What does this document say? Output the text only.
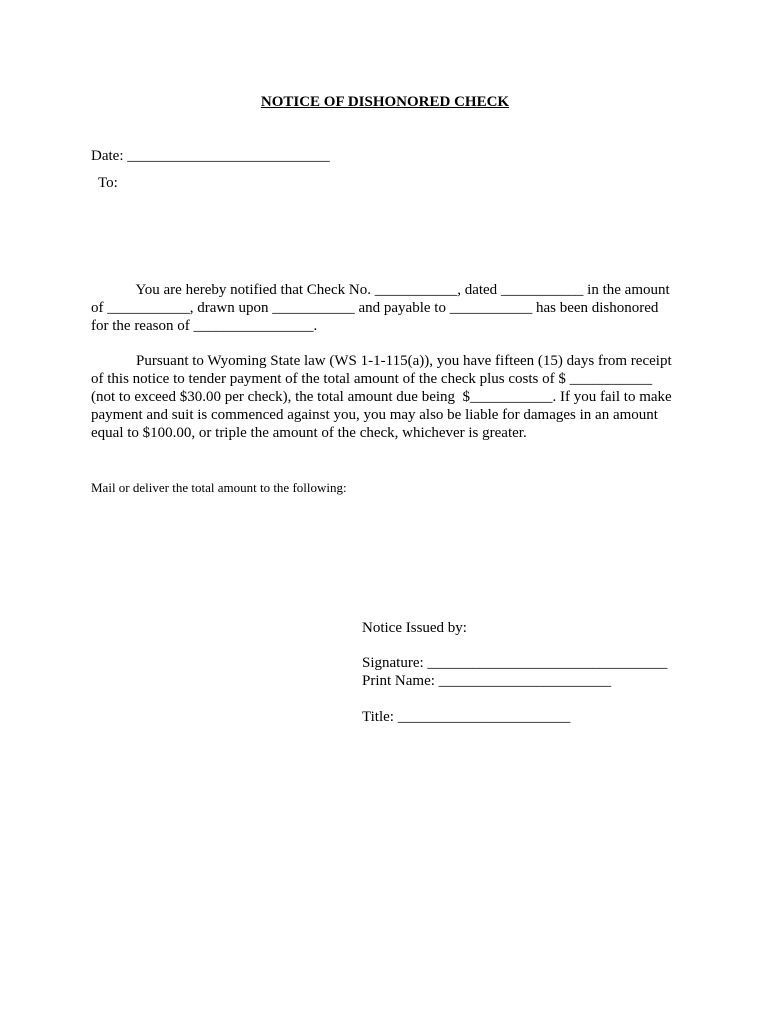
NOTICE OF DISHONORED CHECK
Date: ___________________________
To:
You are hereby notified that Check No. ___________, dated ___________ in the amount
of ___________, drawn upon ___________ and payable to ___________ has been dishonored
for the reason of ________________.
Pursuant to Wyoming State law (WS 1-1-115(a)), you have fifteen (15) days from receipt
of this notice to tender payment of the total amount of the check plus costs of $ ___________
(not to exceed $30.00 per check), the total amount due being  $___________. If you fail to make
payment and suit is commenced against you, you may also be liable for damages in an amount
equal to $100.00, or triple the amount of the check, whichever is greater.
Mail or deliver the total amount to the following:
Notice Issued by:
Signature: ________________________________
Print Name: _______________________
Title: _______________________
